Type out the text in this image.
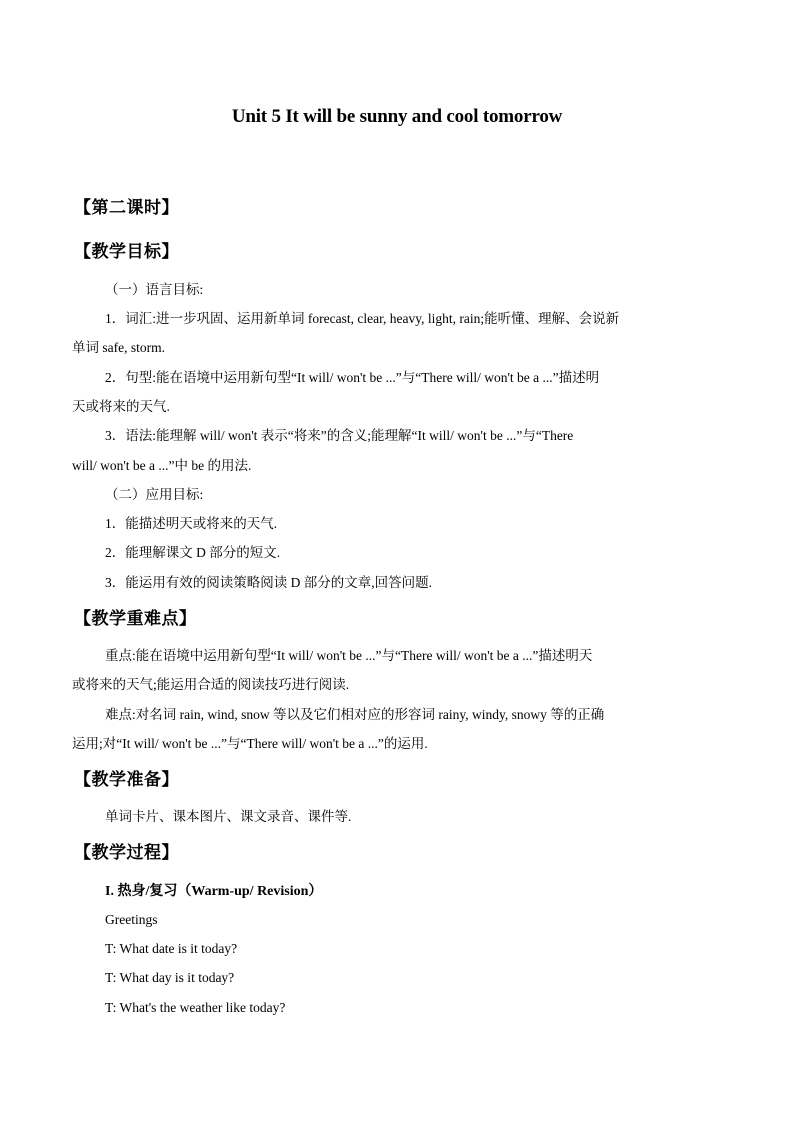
Unit 5 It will be sunny and cool tomorrow
【第二课时】
【教学目标】
（一）语言目标:
1．词汇:进一步巩固、运用新单词 forecast, clear, heavy, light, rain;能听懂、理解、会说新
单词 safe, storm.
2．句型:能在语境中运用新句型“It will/ won't be ...”与“There will/ won't be a ...”描述明
天或将来的天气.
3．语法:能理解 will/ won't 表示“将来”的含义;能理解“It will/ won't be ...”与“There
will/ won't be a ...”中 be 的用法.
（二）应用目标:
1．能描述明天或将来的天气.
2．能理解课文 D 部分的短文.
3．能运用有效的阅读策略阅读 D 部分的文章,回答问题.
【教学重难点】
重点:能在语境中运用新句型“It will/ won't be ...”与“There will/ won't be a ...”描述明天
或将来的天气;能运用合适的阅读技巧进行阅读.
难点:对名词 rain, wind, snow 等以及它们相对应的形容词 rainy, windy, snowy 等的正确
运用;对“It will/ won't be ...”与“There will/ won't be a ...”的运用.
【教学准备】
单词卡片、课本图片、课文录音、课件等.
【教学过程】
I. 热身/复习（Warm-up/ Revision）
Greetings
T: What date is it today?
T: What day is it today?
T: What's the weather like today?
